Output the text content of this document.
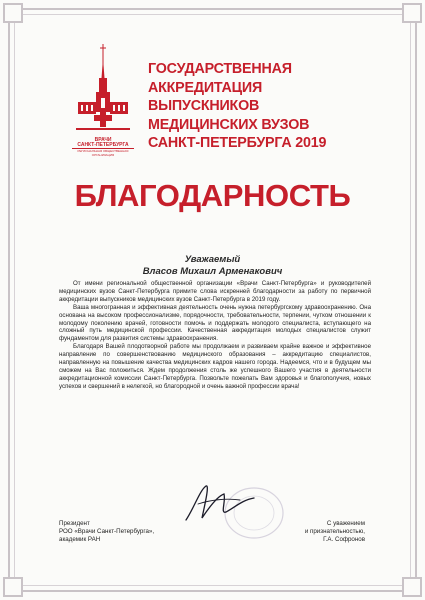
ВРАЧИ
САНКТ-ПЕТЕРБУРГА
РЕГИОНАЛЬНАЯ ОБЩЕСТВЕННАЯ
ОРГАНИЗАЦИЯ
ГОСУДАРСТВЕННАЯ
АККРЕДИТАЦИЯ
ВЫПУСКНИКОВ
МЕДИЦИНСКИХ ВУЗОВ
САНКТ-ПЕТЕРБУРГА 2019
БЛАГОДАРНОСТЬ
Уважаемый
Власов Михаил Арменакович

От имени региональной общественной организации «Врачи Санкт-Петербурга» и руководителей медицинских вузов Санкт-Петербурга примите слова искренней благодарности за работу по первичной аккредитации выпускников медицинских вузов Санкт-Петербурга в 2019 году.

Ваша многогранная и эффективная деятельность очень нужна петербургскому здравоохранению. Она основана на высоком профессионализме, порядочности, требовательности, терпении, чутком отношении к молодому поколению врачей, готовности помочь и поддержать молодого специалиста, вступающего на сложный путь медицинской профессии. Качественная аккредитация молодых специалистов служит фундаментом для развития системы здравоохранения.

Благодаря Вашей плодотворной работе мы продолжаем и развиваем крайне важное и эффективное направление по совершенствованию медицинского образования – аккредитацию специалистов, направленную на повышение качества медицинских кадров нашего города. Надеемся, что и в будущем мы сможем на Вас положиться. Ждем продолжения столь же успешного Вашего участия в деятельности аккредитационной комиссии Санкт-Петербурга. Позвольте пожелать Вам здоровья и благополучия, новых успехов и свершений в нелегкой, но благородной и очень важной профессии врача!

Президент
РОО «Врачи Санкт-Петербурга»,
академик РАН
С уважением
и признательностью,
Г.А. Софронов
